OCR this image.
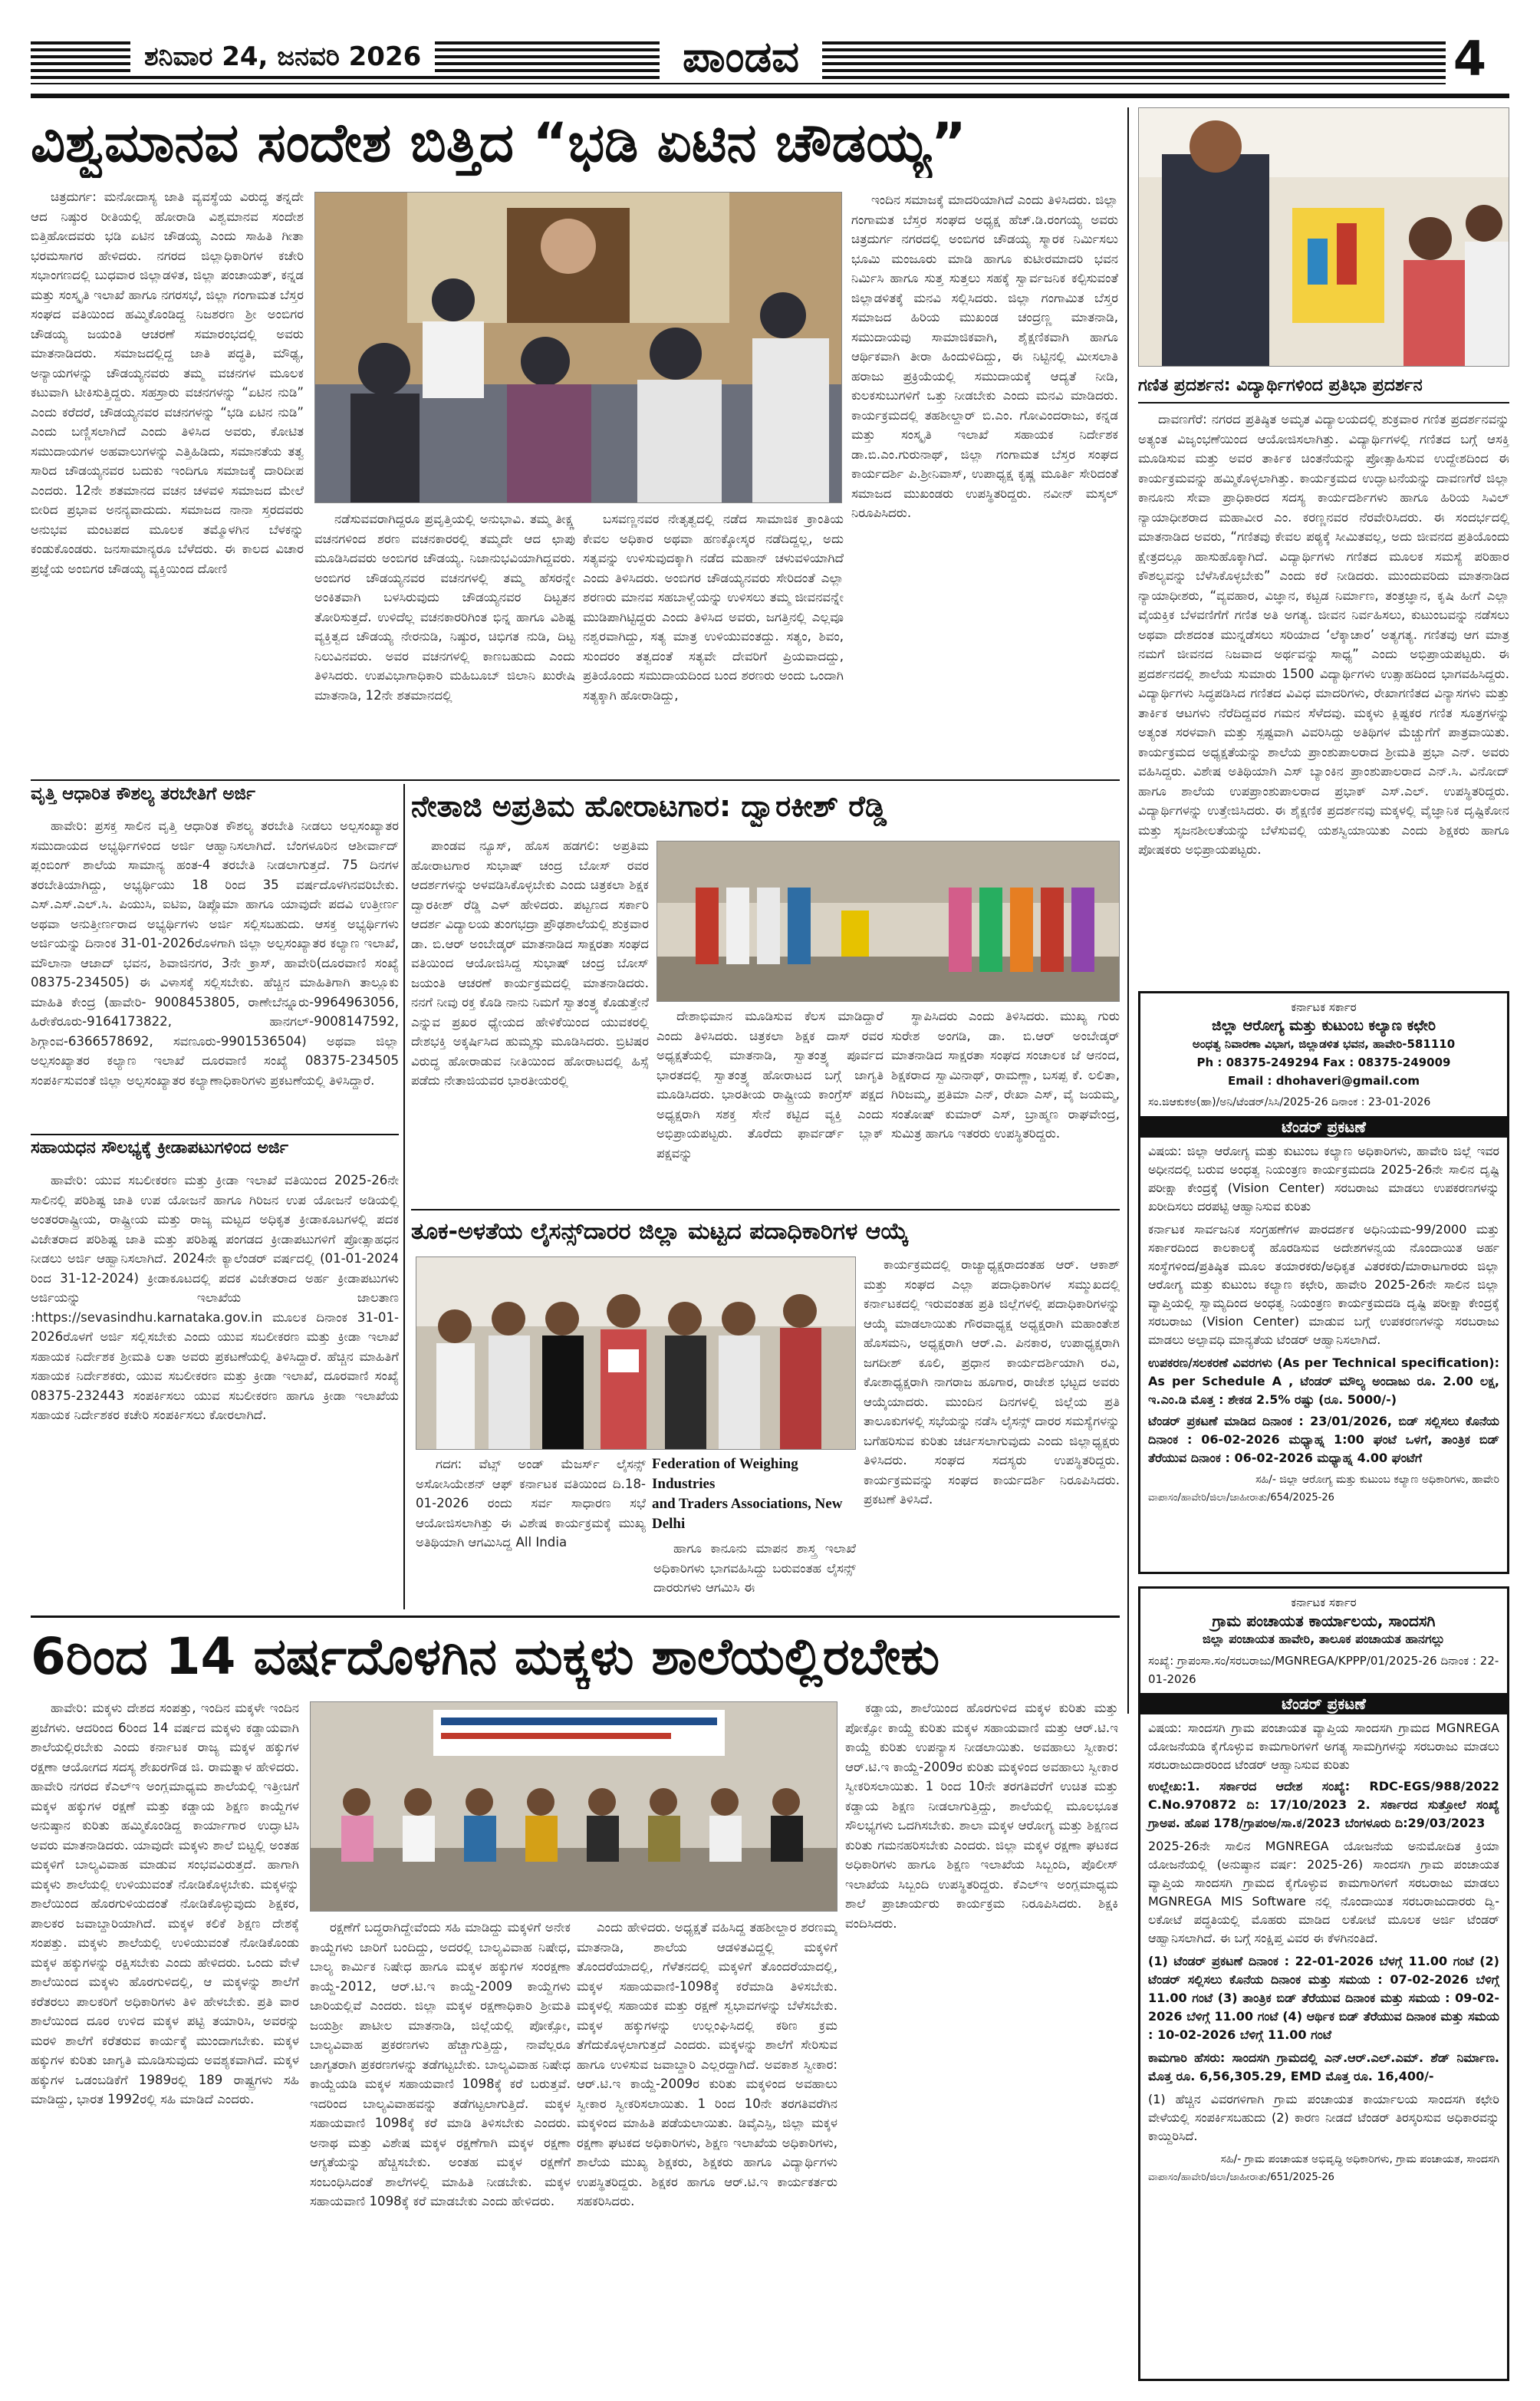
ಶನಿವಾರ 24, ಜನವರಿ 2026	ಪಾಂಡವ	4
ವಿಶ್ವಮಾನವ ಸಂದೇಶ ಬಿತ್ತಿದ “ಭಡಿ ಏಟಿನ ಚೌಡಯ್ಯ”

ಚಿತ್ರದುರ್ಗ: ಮನೋದಾಸ್ಯ ಜಾತಿ ವ್ಯವಸ್ಥೆಯ ವಿರುದ್ಧ ತನ್ನದೇ ಆದ ನಿಷ್ಠುರ ರೀತಿಯಲ್ಲಿ ಹೋರಾಡಿ ವಿಶ್ವಮಾನವ ಸಂದೇಶ ಬಿತ್ತಿಹೋದವರು ಭಡಿ ಏಟಿನ ಚೌಡಯ್ಯ ಎಂದು ಸಾಹಿತಿ ಗೀತಾ ಭರಮಸಾಗರ ಹೇಳಿದರು. ನಗರದ ಜಿಲ್ಲಾಧಿಕಾರಿಗಳ ಕಚೇರಿ ಸಭಾಂಗಣದಲ್ಲಿ ಬುಧವಾರ ಜಿಲ್ಲಾಡಳಿತ, ಜಿಲ್ಲಾ ಪಂಚಾಯತ್, ಕನ್ನಡ ಮತ್ತು ಸಂಸ್ಕೃತಿ ಇಲಾಖೆ ಹಾಗೂ ನಗರಸಭೆ, ಜಿಲ್ಲಾ ಗಂಗಾಮತ ಬೆಸ್ತರ ಸಂಘದ ವತಿಯಿಂದ ಹಮ್ಮಿಕೊಂಡಿದ್ದ ನಿಜಶರಣ ಶ್ರೀ ಅಂಬಿಗರ ಚೌಡಯ್ಯ ಜಯಂತಿ ಆಚರಣೆ ಸಮಾರಂಭದಲ್ಲಿ ಅವರು ಮಾತನಾಡಿದರು. ಸಮಾಜದಲ್ಲಿದ್ದ ಜಾತಿ ಪದ್ಧತಿ, ಮೌಢ್ಯ, ಅನ್ಯಾಯಗಳನ್ನು ಚೌಡಯ್ಯನವರು ತಮ್ಮ ವಚನಗಳ ಮೂಲಕ ಕಟುವಾಗಿ ಟೀಕಿಸುತ್ತಿದ್ದರು. ಸಹಸ್ರಾರು ವಚನಗಳನ್ನು “ಏಟಿನ ನುಡಿ” ಎಂದು ಕರೆದರೆ, ಚೌಡಯ್ಯನವರ ವಚನಗಳನ್ನು “ಭಡಿ ಏಟಿನ ನುಡಿ” ಎಂದು ಬಣ್ಣಿಸಲಾಗಿದೆ ಎಂದು ತಿಳಿಸಿದ ಅವರು, ಕೋಟಿತ ಸಮುದಾಯಗಳ ಅಹವಾಲುಗಳನ್ನು ಎತ್ತಿಹಿಡಿದು, ಸಮಾನತೆಯ ತತ್ವ ಸಾರಿದ ಚೌಡಯ್ಯನವರ ಬದುಕು ಇಂದಿಗೂ ಸಮಾಜಕ್ಕೆ ದಾರಿದೀಪ ಎಂದರು. 12ನೇ ಶತಮಾನದ ವಚನ ಚಳವಳಿ ಸಮಾಜದ ಮೇಲೆ ಬೀರಿದ ಪ್ರಭಾವ ಅನನ್ಯವಾದುದು. ಸಮಾಜದ ನಾನಾ ಸ್ತರದವರು ಅನುಭವ ಮಂಟಪದ ಮೂಲಕ ತಮ್ಮೊಳಗಿನ ಬೆಳಕನ್ನು ಕಂಡುಕೊಂಡರು. ಜನಸಾಮಾನ್ಯರೂ ಬೆಳೆದರು. ಈ ಕಾಲದ ವಿಚಾರ ಪ್ರಜ್ಞೆಯ ಅಂಬಿಗರ ಚೌಡಯ್ಯ ವ್ಯಕ್ತಿಯಿಂದ ದೋಣಿ

ನಡೆಸುವವರಾಗಿದ್ದರೂ ಪ್ರವೃತ್ತಿಯಲ್ಲಿ ಅನುಭಾವಿ. ತಮ್ಮ ತೀಕ್ಷ್ಣ ವಚನಗಳಿಂದ ಶರಣ ವಚನಕಾರರಲ್ಲಿ ತಮ್ಮದೇ ಆದ ಛಾಪು ಮೂಡಿಸಿದವರು ಅಂಬಿಗರ ಚೌಡಯ್ಯ. ನಿಜಾನುಭವಿಯಾಗಿದ್ದವರು. ಅಂಬಿಗರ ಚೌಡಯ್ಯನವರ ವಚನಗಳಲ್ಲಿ ತಮ್ಮ ಹೆಸರನ್ನೇ ಅಂಕಿತವಾಗಿ ಬಳಸಿರುವುದು ಚೌಡಯ್ಯನವರ ದಿಟ್ಟತನ ತೋರಿಸುತ್ತದೆ. ಉಳಿದೆಲ್ಲ ವಚನಕಾರರಿಗಿಂತ ಭಿನ್ನ ಹಾಗೂ ವಿಶಿಷ್ಟ ವ್ಯಕ್ತಿತ್ವದ ಚೌಡಯ್ಯ ನೇರನುಡಿ, ನಿಷ್ಠುರ, ಚಿಭಿಗತ ನುಡಿ, ದಿಟ್ಟ ನಿಲುವಿನವರು. ಅವರ ವಚನಗಳಲ್ಲಿ ಕಾಣಬಹುದು ಎಂದು ತಿಳಿಸಿದರು. ಉಪವಿಭಾಗಾಧಿಕಾರಿ ಮಹಿಬೂಬ್ ಜಿಲಾನಿ ಖುರೇಷಿ ಮಾತನಾಡಿ, 12ನೇ ಶತಮಾನದಲ್ಲಿ

ಬಸವಣ್ಣನವರ ನೇತೃತ್ವದಲ್ಲಿ ನಡೆದ ಸಾಮಾಜಿಕ ಕ್ರಾಂತಿಯ ಕೇವಲ ಅಧಿಕಾರ ಅಥವಾ ಹಣಕ್ಕೋಸ್ಕರ ನಡೆದಿದ್ದಲ್ಲ, ಅದು ಸತ್ಯವನ್ನು ಉಳಿಸುವುದಕ್ಕಾಗಿ ನಡೆದ ಮಹಾನ್ ಚಳುವಳಿಯಾಗಿದೆ ಎಂದು ತಿಳಿಸಿದರು. ಅಂಬಿಗರ ಚೌಡಯ್ಯನವರು ಸೇರಿದಂತೆ ಎಲ್ಲಾ ಶರಣರು ಮಾನವ ಸಹಬಾಳ್ವೆಯನ್ನು ಉಳಿಸಲು ತಮ್ಮ ಜೀವನವನ್ನೇ ಮುಡಿಪಾಗಿಟ್ಟಿದ್ದರು ಎಂದು ತಿಳಿಸಿದ ಅವರು, ಜಗತ್ತಿನಲ್ಲಿ ಎಲ್ಲವೂ ನಶ್ವರವಾಗಿದ್ದು, ಸತ್ಯ ಮಾತ್ರ ಉಳಿಯುವಂತದ್ದು. ಸತ್ಯಂ, ಶಿವಂ, ಸುಂದರಂ ತತ್ವದಂತೆ ಸತ್ಯವೇ ದೇವರಿಗೆ ಪ್ರಿಯವಾದದ್ದು, ಪ್ರತಿಯೊಂದು ಸಮುದಾಯದಿಂದ ಬಂದ ಶರಣರು ಅಂದು ಒಂದಾಗಿ ಸತ್ಯಕ್ಕಾಗಿ ಹೋರಾಡಿದ್ದು,

ಇಂದಿನ ಸಮಾಜಕ್ಕೆ ಮಾದರಿಯಾಗಿದೆ ಎಂದು ತಿಳಿಸಿದರು. ಜಿಲ್ಲಾ ಗಂಗಾಮತ ಬೆಸ್ತರ ಸಂಘದ ಅಧ್ಯಕ್ಷ ಹೆಚ್.ಡಿ.ರಂಗಯ್ಯ ಅವರು ಚಿತ್ರದುರ್ಗ ನಗರದಲ್ಲಿ ಅಂಬಿಗರ ಚೌಡಯ್ಯ ಸ್ಮಾರಕ ನಿರ್ಮಿಸಲು ಭೂಮಿ ಮಂಜೂರು ಮಾಡಿ ಹಾಗೂ ಕುಟೀರಮಾದರಿ ಭವನ ನಿರ್ಮಿಸಿ ಹಾಗೂ ಸುತ್ತ ಸುತ್ತಲು ಸಹಕ್ಕೆ ಸ್ವಾರ್ವಜನಿಕ ಕಲ್ಪಿಸುವಂತೆ ಜಿಲ್ಲಾಡಳಿತಕ್ಕೆ ಮನವಿ ಸಲ್ಲಿಸಿದರು. ಜಿಲ್ಲಾ ಗಂಗಾಮಿತ ಬೆಸ್ತರ ಸಮಾಜದ ಹಿರಿಯ ಮುಖಂಡ ಚಂದ್ರಣ್ಣ ಮಾತನಾಡಿ, ಸಮುದಾಯವು ಸಾಮಾಜಿಕವಾಗಿ, ಶೈಕ್ಷಣಿಕವಾಗಿ ಹಾಗೂ ಆರ್ಥಿಕವಾಗಿ ತೀರಾ ಹಿಂದುಳಿದಿದ್ದು, ಈ ನಿಟ್ಟಿನಲ್ಲಿ ಮೀಸಲಾತಿ ಹರಾಜು ಪ್ರಕ್ರಿಯೆಯಲ್ಲಿ ಸಮುದಾಯಕ್ಕೆ ಆದ್ಯತೆ ನೀಡಿ, ಕುಲಕಸುಬುಗಳಿಗೆ ಒತ್ತು ನೀಡಬೇಕು ಎಂದು ಮನವಿ ಮಾಡಿದರು. ಕಾರ್ಯಕ್ರಮದಲ್ಲಿ ತಹಶೀಲ್ದಾರ್ ಬಿ.ಎಂ. ಗೋವಿಂದರಾಜು, ಕನ್ನಡ ಮತ್ತು ಸಂಸ್ಕೃತಿ ಇಲಾಖೆ ಸಹಾಯಕ ನಿರ್ದೇಶಕ ಡಾ.ಬಿ.ಎಂ.ಗುರುನಾಥ್, ಜಿಲ್ಲಾ ಗಂಗಾಮತ ಬೆಸ್ತರ ಸಂಘದ ಕಾರ್ಯದರ್ಶಿ ಪಿ.ಶ್ರೀನಿವಾಸ್, ಉಪಾಧ್ಯಕ್ಷ ಕೃಷ್ಣ ಮೂರ್ತಿ ಸೇರಿದಂತೆ ಸಮಾಜದ ಮುಖಂಡರು ಉಪಸ್ಥಿತರಿದ್ದರು. ನವೀನ್ ಮಸ್ಕಲ್ ನಿರೂಪಿಸಿದರು.

ಗಣಿತ ಪ್ರದರ್ಶನ: ವಿದ್ಯಾರ್ಥಿಗಳಿಂದ ಪ್ರತಿಭಾ ಪ್ರದರ್ಶನ

ದಾವಣಗೆರೆ: ನಗರದ ಪ್ರತಿಷ್ಠಿತ ಅಮೃತ ವಿದ್ಯಾಲಯದಲ್ಲಿ ಶುಕ್ರವಾರ ಗಣಿತ ಪ್ರದರ್ಶನವನ್ನು ಅತ್ಯಂತ ವಿಜೃಂಭಣೆಯಿಂದ ಆಯೋಜಿಸಲಾಗಿತ್ತು. ವಿದ್ಯಾರ್ಥಿಗಳಲ್ಲಿ ಗಣಿತದ ಬಗ್ಗೆ ಆಸಕ್ತಿ ಮೂಡಿಸುವ ಮತ್ತು ಅವರ ತಾರ್ಕಿಕ ಚಿಂತನೆಯನ್ನು ಪ್ರೋತ್ಸಾಹಿಸುವ ಉದ್ದೇಶದಿಂದ ಈ ಕಾರ್ಯಕ್ರಮವನ್ನು ಹಮ್ಮಿಕೊಳ್ಳಲಾಗಿತ್ತು. ಕಾರ್ಯಕ್ರಮದ ಉದ್ಘಾಟನೆಯನ್ನು ದಾವಣಗೆರೆ ಜಿಲ್ಲಾ ಕಾನೂನು ಸೇವಾ ಪ್ರಾಧಿಕಾರದ ಸದಸ್ಯ ಕಾರ್ಯದರ್ಶಿಗಳು ಹಾಗೂ ಹಿರಿಯ ಸಿವಿಲ್ ನ್ಯಾಯಾಧೀಶರಾದ ಮಹಾವೀರ ಎಂ. ಕರಣ್ಣನವರ ನೆರವೇರಿಸಿದರು. ಈ ಸಂದರ್ಭದಲ್ಲಿ ಮಾತನಾಡಿದ ಅವರು, “ಗಣಿತವು ಕೇವಲ ಪಠ್ಯಕ್ಕೆ ಸೀಮಿತವಲ್ಲ, ಅದು ಜೀವನದ ಪ್ರತಿಯೊಂದು ಕ್ಷೇತ್ರದಲ್ಲೂ ಹಾಸುಹೊಕ್ಕಾಗಿದೆ. ವಿದ್ಯಾರ್ಥಿಗಳು ಗಣಿತದ ಮೂಲಕ ಸಮಸ್ಯೆ ಪರಿಹಾರ ಕೌಶಲ್ಯವನ್ನು ಬೆಳೆಸಿಕೊಳ್ಳಬೇಕು” ಎಂದು ಕರೆ ನೀಡಿದರು. ಮುಂದುವರಿದು ಮಾತನಾಡಿದ ನ್ಯಾಯಾಧೀಶರು, “ವ್ಯವಹಾರ, ವಿಜ್ಞಾನ, ಕಟ್ಟಡ ನಿರ್ಮಾಣ, ತಂತ್ರಜ್ಞಾನ, ಕೃಷಿ ಹೀಗೆ ಎಲ್ಲಾ ವೈಯಕ್ತಿಕ ಬೆಳವಣಿಗೆಗೆ ಗಣಿತ ಅತಿ ಅಗತ್ಯ. ಜೀವನ ನಿರ್ವಹಿಸಲು, ಕುಟುಂಬವನ್ನು ನಡೆಸಲು ಅಥವಾ ದೇಶದಂತ ಮುನ್ನಡೆಸಲು ಸರಿಯಾದ ‘ಲೆಕ್ಕಾಚಾರ’ ಅತ್ಯಗತ್ಯ. ಗಣಿತವು ಆಗ ಮಾತ್ರ ನಮಗೆ ಜೀವನದ ನಿಜವಾದ ಅರ್ಥವನ್ನು ಸಾಧ್ಯ” ಎಂದು ಅಭಿಪ್ರಾಯಪಟ್ಟರು. ಈ ಪ್ರದರ್ಶನದಲ್ಲಿ ಶಾಲೆಯ ಸುಮಾರು 1500 ವಿದ್ಯಾರ್ಥಿಗಳು ಉತ್ಸಾಹದಿಂದ ಭಾಗವಹಿಸಿದ್ದರು. ವಿದ್ಯಾರ್ಥಿಗಳು ಸಿದ್ಧಪಡಿಸಿದ ಗಣಿತದ ವಿವಿಧ ಮಾದರಿಗಳು, ರೇಖಾಗಣಿತದ ವಿನ್ಯಾಸಗಳು ಮತ್ತು ತಾರ್ಕಿಕ ಆಟಗಳು ನೆರೆದಿದ್ದವರ ಗಮನ ಸೆಳೆದವು. ಮಕ್ಕಳು ಕ್ಲಿಷ್ಟಕರ ಗಣಿತ ಸೂತ್ರಗಳನ್ನು ಅತ್ಯಂತ ಸರಳವಾಗಿ ಮತ್ತು ಸ್ಪಷ್ಟವಾಗಿ ವಿವರಿಸಿದ್ದು ಅತಿಥಿಗಳ ಮೆಚ್ಚುಗೆಗೆ ಪಾತ್ರವಾಯಿತು. ಕಾರ್ಯಕ್ರಮದ ಅಧ್ಯಕ್ಷತೆಯನ್ನು ಶಾಲೆಯ ಪ್ರಾಂಶುಪಾಲರಾದ ಶ್ರೀಮತಿ ಪ್ರಭಾ ಎನ್. ಅವರು ವಹಿಸಿದ್ದರು. ವಿಶೇಷ ಅತಿಥಿಯಾಗಿ ಎಸ್ ಬ್ಯಾಂಕಿನ ಪ್ರಾಂಶುಪಾಲರಾದ ಎನ್.ಸಿ. ವಿನೋದ್ ಹಾಗೂ ಶಾಲೆಯ ಉಪಪ್ರಾಂಶುಪಾಲರಾದ ಪ್ರಭಾಕ್ ಎಸ್.ಎಲ್. ಉಪಸ್ಥಿತರಿದ್ದರು. ವಿದ್ಯಾರ್ಥಿಗಳನ್ನು ಉತ್ತೇಜಿಸಿದರು. ಈ ಶೈಕ್ಷಣಿಕ ಪ್ರದರ್ಶನವು ಮಕ್ಕಳಲ್ಲಿ ವೈಜ್ಞಾನಿಕ ದೃಷ್ಟಿಕೋನ ಮತ್ತು ಸೃಜನಶೀಲತೆಯನ್ನು ಬೆಳೆಸುವಲ್ಲಿ ಯಶಸ್ವಿಯಾಯಿತು ಎಂದು ಶಿಕ್ಷಕರು ಹಾಗೂ ಪೋಷಕರು ಅಭಿಪ್ರಾಯಪಟ್ಟರು.

ವೃತ್ತಿ ಆಧಾರಿತ ಕೌಶಲ್ಯ ತರಬೇತಿಗೆ ಅರ್ಜಿ

ಹಾವೇರಿ: ಪ್ರಸಕ್ತ ಸಾಲಿನ ವೃತ್ತಿ ಆಧಾರಿತ ಕೌಶಲ್ಯ ತರಬೇತಿ ನೀಡಲು ಅಲ್ಪಸಂಖ್ಯಾತರ ಸಮುದಾಯದ ಅಭ್ಯರ್ಥಿಗಳಿಂದ ಅರ್ಜಿ ಆಹ್ವಾನಿಸಲಾಗಿದೆ. ಬೆಂಗಳೂರಿನ ಆಶೀರ್ವಾದ್ ಪ್ಲಂಬಿಂಗ್ ಶಾಲೆಯ ಸಾಮಾನ್ಯ ಹಂತ-4 ತರಬೇತಿ ನೀಡಲಾಗುತ್ತದೆ. 75 ದಿನಗಳ ತರಬೇತಿಯಾಗಿದ್ದು, ಅಭ್ಯರ್ಥಿಯು 18 ರಿಂದ 35 ವರ್ಷದೊಳಗಿನವರಿಬೇಕು. ಎಸ್.ಎಸ್.ಎಲ್.ಸಿ. ಪಿಯುಸಿ, ಐಟಿಐ, ಡಿಪ್ಲೊಮಾ ಹಾಗೂ ಯಾವುದೇ ಪದವಿ ಉತ್ತೀರ್ಣ ಅಥವಾ ಅನುತ್ತೀರ್ಣರಾದ ಅಭ್ಯರ್ಥಿಗಳು ಅರ್ಜಿ ಸಲ್ಲಿಸಬಹುದು. ಆಸಕ್ತ ಅಭ್ಯರ್ಥಿಗಳು ಅರ್ಜಿಯನ್ನು ದಿನಾಂಕ 31-01-2026ರೊಳಗಾಗಿ ಜಿಲ್ಲಾ ಅಲ್ಪಸಂಖ್ಯಾತರ ಕಲ್ಯಾಣ ಇಲಾಖೆ, ಮೌಲಾನಾ ಆಜಾದ್ ಭವನ, ಶಿವಾಜಿನಗರ, 3ನೇ ಕ್ರಾಸ್, ಹಾವೇರಿ(ದೂರವಾಣಿ ಸಂಖ್ಯೆ 08375-234505) ಈ ವಿಳಾಸಕ್ಕೆ ಸಲ್ಲಿಸಬೇಕು. ಹೆಚ್ಚಿನ ಮಾಹಿತಿಗಾಗಿ ತಾಲ್ಲೂಕು ಮಾಹಿತಿ ಕೇಂದ್ರ (ಹಾವೇರಿ- 9008453805, ರಾಣೇಬೆನ್ನೂರು-9964963056, ಹಿರೇಕೆರೂರು-9164173822, ಹಾನಗಲ್-9008147592, ಶಿಗ್ಗಾಂವ-6366578692, ಸವಣೂರು-9901536504) ಅಥವಾ ಜಿಲ್ಲಾ ಅಲ್ಪಸಂಖ್ಯಾತರ ಕಲ್ಯಾಣ ಇಲಾಖೆ ದೂರವಾಣಿ ಸಂಖ್ಯೆ 08375-234505 ಸಂಪರ್ಕಿಸುವಂತೆ ಜಿಲ್ಲಾ ಅಲ್ಪಸಂಖ್ಯಾತರ ಕಲ್ಯಾಣಾಧಿಕಾರಿಗಳು ಪ್ರಕಟಣೆಯಲ್ಲಿ ತಿಳಿಸಿದ್ದಾರೆ.

ಸಹಾಯಧನ ಸೌಲಭ್ಯಕ್ಕೆ ಕ್ರೀಡಾಪಟುಗಳಿಂದ ಅರ್ಜಿ

ಹಾವೇರಿ: ಯುವ ಸಬಲೀಕರಣ ಮತ್ತು ಕ್ರೀಡಾ ಇಲಾಖೆ ವತಿಯಿಂದ 2025-26ನೇ ಸಾಲಿನಲ್ಲಿ ಪರಿಶಿಷ್ಟ ಜಾತಿ ಉಪ ಯೋಜನೆ ಹಾಗೂ ಗಿರಿಜನ ಉಪ ಯೋಜನೆ ಅಡಿಯಲ್ಲಿ ಅಂತರರಾಷ್ಟ್ರೀಯ, ರಾಷ್ಟ್ರೀಯ ಮತ್ತು ರಾಜ್ಯ ಮಟ್ಟದ ಅಧಿಕೃತ ಕ್ರೀಡಾಕೂಟಗಳಲ್ಲಿ ಪದಕ ವಿಜೇತರಾದ ಪರಿಶಿಷ್ಟ ಜಾತಿ ಮತ್ತು ಪರಿಶಿಷ್ಟ ಪಂಗಡದ ಕ್ರೀಡಾಪಟುಗಳಿಗೆ ಪ್ರೋತ್ಸಾಹಧನ ನೀಡಲು ಅರ್ಜಿ ಆಹ್ವಾನಿಸಲಾಗಿದೆ. 2024ನೇ ಕ್ಯಾಲೆಂಡರ್ ವರ್ಷದಲ್ಲಿ (01-01-2024 ರಿಂದ 31-12-2024) ಕ್ರೀಡಾಕೂಟದಲ್ಲಿ ಪದಕ ವಿಜೇತರಾದ ಅರ್ಹ ಕ್ರೀಡಾಪಟುಗಳು ಅರ್ಜಿಯನ್ನು ಇಲಾಖೆಯ ಜಾಲತಾಣ :https://sevasindhu.karnataka.gov.in ಮೂಲಕ ದಿನಾಂಕ 31-01-2026ರೊಳಗೆ ಅರ್ಜಿ ಸಲ್ಲಿಸಬೇಕು ಎಂದು ಯುವ ಸಬಲೀಕರಣ ಮತ್ತು ಕ್ರೀಡಾ ಇಲಾಖೆ ಸಹಾಯಕ ನಿರ್ದೇಶಕ ಶ್ರೀಮತಿ ಲತಾ ಅವರು ಪ್ರಕಟಣೆಯಲ್ಲಿ ತಿಳಿಸಿದ್ದಾರೆ. ಹೆಚ್ಚಿನ ಮಾಹಿತಿಗೆ ಸಹಾಯಕ ನಿರ್ದೇಶಕರು, ಯುವ ಸಬಲೀಕರಣ ಮತ್ತು ಕ್ರೀಡಾ ಇಲಾಖೆ, ದೂರವಾಣಿ ಸಂಖ್ಯೆ 08375-232443 ಸಂಪರ್ಕಿಸಲು ಯುವ ಸಬಲೀಕರಣ ಹಾಗೂ ಕ್ರೀಡಾ ಇಲಾಖೆಯ ಸಹಾಯಕ ನಿರ್ದೇಶಕರ ಕಚೇರಿ ಸಂಪರ್ಕಿಸಲು ಕೋರಲಾಗಿದೆ.

ನೇತಾಜಿ ಅಪ್ರತಿಮ ಹೋರಾಟಗಾರ: ದ್ವಾರಕೀಶ್ ರೆಡ್ಡಿ

ಪಾಂಡವ ನ್ಯೂಸ್, ಹೊಸ ಹಡಗಲಿ: ಅಪ್ರತಿಮ ಹೋರಾಟಗಾರ ಸುಭಾಷ್ ಚಂದ್ರ ಬೋಸ್ ರವರ ಆದರ್ಶಗಳನ್ನು ಅಳವಡಿಸಿಕೊಳ್ಳಬೇಕು ಎಂದು ಚಿತ್ರಕಲಾ ಶಿಕ್ಷಕ ದ್ವಾರಕೀಶ್ ರೆಡ್ಡಿ ಎಳ್ ಹೇಳಿದರು. ಪಟ್ಟಣದ ಸರ್ಕಾರಿ ಆದರ್ಶ ವಿದ್ಯಾಲಯ ತುಂಗಭದ್ರಾ ಪ್ರೌಢಶಾಲೆಯಲ್ಲಿ ಶುಕ್ರವಾರ ಡಾ. ಬಿ.ಆರ್ ಅಂಬೇಡ್ಕರ್ ಮಾತನಾಡಿದ ಸಾಕ್ಷರತಾ ಸಂಘದ ವತಿಯಿಂದ ಆಯೋಜಿಸಿದ್ದ ಸುಭಾಷ್ ಚಂದ್ರ ಬೋಸ್ ಜಯಂತಿ ಆಚರಣೆ ಕಾರ್ಯಕ್ರಮದಲ್ಲಿ ಮಾತನಾಡಿದರು. ನನಗೆ ನೀವು ರಕ್ತ ಕೊಡಿ ನಾನು ನಿಮಗೆ ಸ್ವಾತಂತ್ರ್ಯ ಕೊಡುತ್ತೇನೆ ಎನ್ನುವ ಪ್ರಖರ ಧ್ಯೇಯದ ಹೇಳಿಕೆಯಿಂದ ಯುವಕರಲ್ಲಿ ದೇಶಭಕ್ತಿ ಅಕ್ಕರ್ಷಿಸಿದ ಹುಮ್ಮಸ್ಸು ಮೂಡಿಸಿದರು. ಬ್ರಿಟಿಷರ ವಿರುದ್ಧ ಹೋರಾಡುವ ನೀತಿಯಿಂದ ಹೋರಾಟದಲ್ಲಿ ಹಿಸ್ಸೆ ಪಡೆದು ನೇತಾಜಿಯವರ ಭಾರತೀಯರಲ್ಲಿ

ದೇಶಾಭಿಮಾನ ಮೂಡಿಸುವ ಕೆಲಸ ಮಾಡಿದ್ದಾರೆ ಎಂದು ತಿಳಿಸಿದರು. ಚಿತ್ರಕಲಾ ಶಿಕ್ಷಕ ದಾಸ್ ರವರ ಅಧ್ಯಕ್ಷತೆಯಲ್ಲಿ ಮಾತನಾಡಿ, ಸ್ವಾತಂತ್ರ್ಯ ಪೂರ್ವದ ಭಾರತದಲ್ಲಿ ಸ್ವಾತಂತ್ರ್ಯ ಹೋರಾಟದ ಬಗ್ಗೆ ಜಾಗೃತಿ ಮೂಡಿಸಿದರು. ಭಾರತೀಯ ರಾಷ್ಟ್ರೀಯ ಕಾಂಗ್ರೆಸ್ ಪಕ್ಷದ ಅಧ್ಯಕ್ಷರಾಗಿ ಸಶಕ್ತ ಸೇನೆ ಕಟ್ಟಿದ ವ್ಯಕ್ತಿ ಎಂದು ಅಭಿಪ್ರಾಯಪಟ್ಟರು. ತೊರೆದು ಫಾರ್ವರ್ಡ್ ಬ್ಲಾಕ್ ಪಕ್ಷವನ್ನು

ಸ್ಥಾಪಿಸಿದರು ಎಂದು ತಿಳಿಸಿದರು. ಮುಖ್ಯ ಗುರು ಸುರೇಶ ಅಂಗಡಿ, ಡಾ. ಬಿ.ಆರ್ ಅಂಬೇಡ್ಕರ್ ಮಾತನಾಡಿದ ಸಾಕ್ಷರತಾ ಸಂಘದ ಸಂಚಾಲಕ ಜೆ ಆನಂದ, ಶಿಕ್ಷಕರಾದ ಸ್ವಾಮಿನಾಥ್, ರಾಮಣ್ಣಾ, ಬಸಪ್ಪ ಕೆ. ಲಲಿತಾ, ಗಿರಿಜಮ್ಮ, ಪ್ರತಿಮಾ ಎನ್, ರೇಖಾ ಎಸ್, ವೈ ಜಯಮ್ಮ, ಸಂತೋಷ್ ಕುಮಾರ್ ಎಸ್, ಬ್ರಾಹ್ಮಣ ರಾಘವೇಂದ್ರ, ಸುಮಿತ್ರ ಹಾಗೂ ಇತರರು ಉಪಸ್ಥಿತರಿದ್ದರು.

ತೂಕ-ಅಳತೆಯ ಲೈಸನ್ಸ್‌ದಾರರ ಜಿಲ್ಲಾ ಮಟ್ಟದ ಪದಾಧಿಕಾರಿಗಳ ಆಯ್ಕೆ
Federation of Weighing Industries
and Traders Associations, New
Delhi

ಗದಗ: ವೆಟ್ಸ್ ಅಂಡ್ ಮೆಜರ್ಸ್ ಲೈಸನ್ಸ್ ಅಸೋಸಿಯೇಶನ್ ಆಫ್ ಕರ್ನಾಟಕ ವತಿಯಿಂದ ದಿ.18-01-2026 ರಂದು ಸರ್ವ ಸಾಧಾರಣ ಸಭೆ ಆಯೋಜಿಸಲಾಗಿತ್ತು ಈ ವಿಶೇಷ ಕಾರ್ಯಕ್ರಮಕ್ಕೆ ಮುಖ್ಯ ಅತಿಥಿಯಾಗಿ ಆಗಮಿಸಿದ್ದ All India	ಹಾಗೂ ಕಾನೂನು ಮಾಪನ ಶಾಸ್ತ್ರ ಇಲಾಖೆ ಅಧಿಕಾರಿಗಳು ಭಾಗವಹಿಸಿದ್ದು ಬರುವಂತಹ ಲೈಸನ್ಸ್ ದಾರರುಗಳು ಆಗಮಿಸಿ ಈ

ಕಾರ್ಯಕ್ರಮದಲ್ಲಿ ರಾಜ್ಯಾಧ್ಯಕ್ಷರಾದಂತಹ ಆರ್. ಆಕಾಶ್ ಮತ್ತು ಸಂಘದ ಎಲ್ಲಾ ಪದಾಧಿಕಾರಿಗಳ ಸಮ್ಮುಖದಲ್ಲಿ ಕರ್ನಾಟಕದಲ್ಲಿ ಇರುವಂತಹ ಪ್ರತಿ ಜಿಲ್ಲೆಗಳಲ್ಲಿ ಪದಾಧಿಕಾರಿಗಳನ್ನು ಆಯ್ಕೆ ಮಾಡಲಾಯಿತು ಗೌರವಾಧ್ಯಕ್ಷ ಅಧ್ಯಕ್ಷರಾಗಿ ಮಹಾಂತೇಶ ಹೊಸಮನಿ, ಅಧ್ಯಕ್ಷರಾಗಿ ಆರ್.ಎ. ಪಿನಕಾರ, ಉಪಾಧ್ಯಕ್ಷರಾಗಿ ಜಗದೀಶ್ ಕೂಲಿ, ಪ್ರಧಾನ ಕಾರ್ಯದರ್ಶಿಯಾಗಿ ರವಿ, ಕೋಶಾಧ್ಯಕ್ಷರಾಗಿ ನಾಗರಾಜ ಹೂಗಾರ, ರಾಜೇಶ ಭಟ್ಟದ ಅವರು ಆಯ್ಕೆಯಾದರು. ಮುಂದಿನ ದಿನಗಳಲ್ಲಿ ಜಿಲ್ಲೆಯ ಪ್ರತಿ ತಾಲೂಕುಗಳಲ್ಲಿ ಸಭೆಯನ್ನು ನಡೆಸಿ ಲೈಸನ್ಸ್ ದಾರರ ಸಮಸ್ಯೆಗಳನ್ನು ಬಗೆಹರಿಸುವ ಕುರಿತು ಚರ್ಚಿಸಲಾಗುವುದು ಎಂದು ಜಿಲ್ಲಾಧ್ಯಕ್ಷರು ತಿಳಿಸಿದರು. ಸಂಘದ ಸದಸ್ಯರು ಉಪಸ್ಥಿತರಿದ್ದರು. ಕಾರ್ಯಕ್ರಮವನ್ನು ಸಂಘದ ಕಾರ್ಯದರ್ಶಿ ನಿರೂಪಿಸಿದರು. ಪ್ರಕಟಣೆ ತಿಳಿಸಿದೆ.

6ರಿಂದ 14 ವರ್ಷದೊಳಗಿನ ಮಕ್ಕಳು ಶಾಲೆಯಲ್ಲಿರಬೇಕು

ಹಾವೇರಿ: ಮಕ್ಕಳು ದೇಶದ ಸಂಪತ್ತು, ಇಂದಿನ ಮಕ್ಕಳೇ ಇಂದಿನ ಪ್ರಜೆಗಳು. ಆದರಿಂದ 6ರಿಂದ 14 ವರ್ಷದ ಮಕ್ಕಳು ಕಡ್ಡಾಯವಾಗಿ ಶಾಲೆಯಲ್ಲಿರಬೇಕು ಎಂದು ಕರ್ನಾಟಕ ರಾಜ್ಯ ಮಕ್ಕಳ ಹಕ್ಕುಗಳ ರಕ್ಷಣಾ ಆಯೋಗದ ಸದಸ್ಯ ಶೇಖರಗೌಡ ಜಿ. ರಾಮತ್ನಾಳ ಹೇಳಿದರು. ಹಾವೇರಿ ನಗರದ ಕೆಎಲ್ಇ ಅಂಗ್ಲಮಾಧ್ಯಮ ಶಾಲೆಯಲ್ಲಿ ಇತ್ತೀಚಿಗೆ ಮಕ್ಕಳ ಹಕ್ಕುಗಳ ರಕ್ಷಣೆ ಮತ್ತು ಕಡ್ಡಾಯ ಶಿಕ್ಷಣ ಕಾಯ್ದೆಗಳ ಅನುಷ್ಠಾನ ಕುರಿತು ಹಮ್ಮಿಕೊಂಡಿದ್ದ ಕಾರ್ಯಾಗಾರ ಉದ್ಘಾಟಿಸಿ ಅವರು ಮಾತನಾಡಿದರು. ಯಾವುದೇ ಮಕ್ಕಳು ಶಾಲೆ ಬಿಟ್ಟಲ್ಲಿ ಅಂತಹ ಮಕ್ಕಳಿಗೆ ಬಾಲ್ಯವಿವಾಹ ಮಾಡುವ ಸಂಭವವಿರುತ್ತದೆ. ಹಾಗಾಗಿ ಮಕ್ಕಳು ಶಾಲೆಯಲ್ಲಿ ಉಳಿಯುವಂತೆ ನೋಡಿಕೊಳ್ಳಬೇಕು. ಮಕ್ಕಳನ್ನು ಶಾಲೆಯಿಂದ ಹೊರಗುಳಿಯದಂತೆ ನೋಡಿಕೊಳ್ಳುವುದು ಶಿಕ್ಷಕರ, ಪಾಲಕರ ಜವಾಬ್ದಾರಿಯಾಗಿದೆ. ಮಕ್ಕಳ ಕಲಿಕೆ ಶಿಕ್ಷಣ ದೇಶಕ್ಕೆ ಸಂಪತ್ತು. ಮಕ್ಕಳು ಶಾಲೆಯಲ್ಲಿ ಉಳಿಯುವಂತೆ ನೋಡಿಕೊಂಡು ಮಕ್ಕಳ ಹಕ್ಕುಗಳನ್ನು ರಕ್ಷಿಸಬೇಕು ಎಂದು ಹೇಳಿದರು. ಒಂದು ವೇಳೆ ಶಾಲೆಯಿಂದ ಮಕ್ಕಳು ಹೊರಗುಳಿದಲ್ಲಿ, ಆ ಮಕ್ಕಳನ್ನು ಶಾಲೆಗೆ ಕರೆತರಲು ಪಾಲಕರಿಗೆ ಅಧಿಕಾರಿಗಳು ತಿಳಿ ಹೇಳಬೇಕು. ಪ್ರತಿ ವಾರ ಶಾಲೆಯಿಂದ ದೂರ ಉಳಿದ ಮಕ್ಕಳ ಪಟ್ಟಿ ತಯಾರಿಸಿ, ಅವರನ್ನು ಮರಳಿ ಶಾಲೆಗೆ ಕರೆತರುವ ಕಾರ್ಯಕ್ಕೆ ಮುಂದಾಗಬೇಕು. ಮಕ್ಕಳ ಹಕ್ಕುಗಳ ಕುರಿತು ಜಾಗೃತಿ ಮೂಡಿಸುವುದು ಅವಶ್ಯಕವಾಗಿದೆ. ಮಕ್ಕಳ ಹಕ್ಕುಗಳ ಒಡಂಬಡಿಕೆಗೆ 1989ರಲ್ಲಿ 189 ರಾಷ್ಟ್ರಗಳು ಸಹಿ ಮಾಡಿದ್ದು, ಭಾರತ 1992ರಲ್ಲಿ ಸಹಿ ಮಾಡಿದೆ ಎಂದರು.

ರಕ್ಷಣೆಗೆ ಬದ್ಧರಾಗಿದ್ದೇವೆಂದು ಸಹಿ ಮಾಡಿದ್ದು ಮಕ್ಕಳಿಗೆ ಅನೇಕ ಕಾಯ್ದೆಗಳು ಜಾರಿಗೆ ಬಂದಿದ್ದು, ಅದರಲ್ಲಿ ಬಾಲ್ಯವಿವಾಹ ನಿಷೇಧ, ಬಾಲ್ಯ ಕಾರ್ಮಿಕ ನಿಷೇಧ ಹಾಗೂ ಮಕ್ಕಳ ಹಕ್ಕುಗಳ ಸಂರಕ್ಷಣಾ ಕಾಯ್ದೆ-2012, ಆರ್.ಟಿ.ಇ ಕಾಯ್ದೆ-2009 ಕಾಯ್ದೆಗಳು ಜಾರಿಯಲ್ಲಿವೆ ಎಂದರು. ಜಿಲ್ಲಾ ಮಕ್ಕಳ ರಕ್ಷಣಾಧಿಕಾರಿ ಶ್ರೀಮತಿ ಜಯಶ್ರೀ ಪಾಟೀಲ ಮಾತನಾಡಿ, ಜಿಲ್ಲೆಯಲ್ಲಿ ಪೋಕ್ಸೋ, ಬಾಲ್ಯವಿವಾಹ ಪ್ರಕರಣಗಳು ಹೆಚ್ಚಾಗುತ್ತಿದ್ದು, ನಾವೆಲ್ಲರೂ ಜಾಗೃತರಾಗಿ ಪ್ರಕರಣಗಳನ್ನು ತಡೆಗಟ್ಟಬೇಕು. ಬಾಲ್ಯವಿವಾಹ ನಿಷೇಧ ಕಾಯ್ದೆಯಡಿ ಮಕ್ಕಳ ಸಹಾಯವಾಣಿ 1098ಕ್ಕೆ ಕರೆ ಬರುತ್ತವೆ. ಇದರಿಂದ ಬಾಲ್ಯವಿವಾಹವನ್ನು ತಡೆಗಟ್ಟಲಾಗುತ್ತಿದೆ. ಮಕ್ಕಳ ಸಹಾಯವಾಣಿ 1098ಕ್ಕೆ ಕರೆ ಮಾಡಿ ತಿಳಿಸಬೇಕು ಎಂದರು. ಅನಾಥ ಮತ್ತು ವಿಶೇಷ ಮಕ್ಕಳ ರಕ್ಷಣೆಗಾಗಿ ಮಕ್ಕಳ ರಕ್ಷಣಾ ಆಗ್ಯತೆಯನ್ನು ಹೆಚ್ಚಿಸಬೇಕು. ಅಂತಹ ಮಕ್ಕಳ ರಕ್ಷಣೆಗೆ ಸಂಬಂಧಿಸಿದಂತೆ ಶಾಲೆಗಳಲ್ಲಿ ಮಾಹಿತಿ ನೀಡಬೇಕು. ಮಕ್ಕಳ ಸಹಾಯವಾಣಿ 1098ಕ್ಕೆ ಕರೆ ಮಾಡಬೇಕು ಎಂದು ಹೇಳಿದರು.

ಎಂದು ಹೇಳಿದರು. ಅಧ್ಯಕ್ಷತೆ ವಹಿಸಿದ್ದ ತಹಶೀಲ್ದಾರ ಶರಣಮ್ಮ ಮಾತನಾಡಿ, ಶಾಲೆಯ ಆಡಳಿತವಿದ್ದಲ್ಲಿ ಮಕ್ಕಳಿಗೆ ತೊಂದರೆಯಾದಲ್ಲಿ, ಗೆಳೆತನದಲ್ಲಿ ಮಕ್ಕಳಿಗೆ ತೊಂದರೆಯಾದಲ್ಲಿ, ಮಕ್ಕಳ ಸಹಾಯವಾಣಿ-1098ಕ್ಕೆ ಕರೆಮಾಡಿ ತಿಳಿಸಬೇಕು. ಮಕ್ಕಳಲ್ಲಿ ಸಹಾಯಕ ಮತ್ತು ರಕ್ಷಣೆ ಸ್ವಭಾವಗಳನ್ನು ಬೆಳೆಸಬೇಕು. ಮಕ್ಕಳ ಹಕ್ಕುಗಳನ್ನು ಉಲ್ಲಂಘಿಸಿದಲ್ಲಿ ಕಠಿಣ ಕ್ರಮ ತೆಗೆದುಕೊಳ್ಳಲಾಗುತ್ತದೆ ಎಂದರು. ಮಕ್ಕಳನ್ನು ಶಾಲೆಗೆ ಸೇರಿಸುವ ಹಾಗೂ ಉಳಿಸುವ ಜವಾಬ್ದಾರಿ ಎಲ್ಲರದ್ದಾಗಿದೆ. ಅವಕಾಶ ಸ್ವೀಕಾರ: ಆರ್.ಟಿ.ಇ ಕಾಯ್ದೆ-2009ರ ಕುರಿತು ಮಕ್ಕಳಿಂದ ಅವಹಾಲು ಸ್ವೀಕಾರ ಸ್ವೀಕರಿಸಲಾಯಿತು. 1 ರಿಂದ 10ನೇ ತರಗತಿವರೆಗಿನ ಮಕ್ಕಳಿಂದ ಮಾಹಿತಿ ಪಡೆಯಲಾಯಿತು. ಡಿವೈಎಸ್ಪಿ, ಜಿಲ್ಲಾ ಮಕ್ಕಳ ರಕ್ಷಣಾ ಘಟಕದ ಅಧಿಕಾರಿಗಳು, ಶಿಕ್ಷಣ ಇಲಾಖೆಯ ಅಧಿಕಾರಿಗಳು, ಶಾಲೆಯ ಮುಖ್ಯ ಶಿಕ್ಷಕರು, ಶಿಕ್ಷಕರು ಹಾಗೂ ವಿದ್ಯಾರ್ಥಿಗಳು ಉಪಸ್ಥಿತರಿದ್ದರು. ಶಿಕ್ಷಕರ ಹಾಗೂ ಆರ್.ಟಿ.ಇ ಕಾರ್ಯಕರ್ತರು ಸಹಕರಿಸಿದರು.

ಕಡ್ಡಾಯ, ಶಾಲೆಯಿಂದ ಹೊರಗುಳಿದ ಮಕ್ಕಳ ಕುರಿತು ಮತ್ತು ಪೋಕ್ಸೋ ಕಾಯ್ದೆ ಕುರಿತು ಮಕ್ಕಳ ಸಹಾಯವಾಣಿ ಮತ್ತು ಆರ್.ಟಿ.ಇ ಕಾಯ್ದೆ ಕುರಿತು ಉಪನ್ಯಾಸ ನೀಡಲಾಯಿತು. ಅವಹಾಲು ಸ್ವೀಕಾರ: ಆರ್.ಟಿ.ಇ ಕಾಯ್ದೆ-2009ರ ಕುರಿತು ಮಕ್ಕಳಿಂದ ಅವಹಾಲು ಸ್ವೀಕಾರ ಸ್ವೀಕರಿಸಲಾಯಿತು. 1 ರಿಂದ 10ನೇ ತರಗತಿವರೆಗೆ ಉಚಿತ ಮತ್ತು ಕಡ್ಡಾಯ ಶಿಕ್ಷಣ ನೀಡಲಾಗುತ್ತಿದ್ದು, ಶಾಲೆಯಲ್ಲಿ ಮೂಲಭೂತ ಸೌಲಭ್ಯಗಳು ಒದಗಿಸಬೇಕು. ಶಾಲಾ ಮಕ್ಕಳ ಆರೋಗ್ಯ ಮತ್ತು ಶಿಕ್ಷಣದ ಕುರಿತು ಗಮನಹರಿಸಬೇಕು ಎಂದರು. ಜಿಲ್ಲಾ ಮಕ್ಕಳ ರಕ್ಷಣಾ ಘಟಕದ ಅಧಿಕಾರಿಗಳು ಹಾಗೂ ಶಿಕ್ಷಣ ಇಲಾಖೆಯ ಸಿಬ್ಬಂದಿ, ಪೊಲೀಸ್ ಇಲಾಖೆಯ ಸಿಬ್ಬಂದಿ ಉಪಸ್ಥಿತರಿದ್ದರು. ಕೆಎಲ್ಇ ಅಂಗ್ಲಮಾಧ್ಯಮ ಶಾಲೆ ಪ್ರಾಚಾರ್ಯರು ಕಾರ್ಯಕ್ರಮ ನಿರೂಪಿಸಿದರು. ಶಿಕ್ಷಕಿ ವಂದಿಸಿದರು.

ಕರ್ನಾಟಕ ಸರ್ಕಾರ
ಜಿಲ್ಲಾ ಆರೋಗ್ಯ ಮತ್ತು ಕುಟುಂಬ ಕಲ್ಯಾಣ ಕಛೇರಿ
ಅಂಧತ್ವ ನಿವಾರಣಾ ವಿಭಾಗ, ಜಿಲ್ಲಾಡಳಿತ ಭವನ, ಹಾವೇರಿ-581110
Ph : 08375-249294 Fax : 08375-249009
Email : dhohaveri@gmail.com
ಸಂ.ಜಿಆಕುಕಅ(ಹಾ)/ಅನಿ/ಟೆಂಡರ್/ಸಿಸಿ/2025-26 ದಿನಾಂಕ : 23-01-2026
ಟೆಂಡರ್ ಪ್ರಕಟಣೆ
ವಿಷಯ: ಜಿಲ್ಲಾ ಆರೋಗ್ಯ ಮತ್ತು ಕುಟುಂಬ ಕಲ್ಯಾಣ ಅಧಿಕಾರಿಗಳು, ಹಾವೇರಿ ಜಿಲ್ಲೆ ಇವರ ಅಧೀನದಲ್ಲಿ ಬರುವ ಅಂಧತ್ವ ನಿಯಂತ್ರಣ ಕಾರ್ಯಕ್ರಮದಡಿ 2025-26ನೇ ಸಾಲಿನ ದೃಷ್ಟಿ ಪರೀಕ್ಷಾ ಕೇಂದ್ರಕ್ಕೆ (Vision Center) ಸರಬರಾಜು ಮಾಡಲು ಉಪಕರಣಗಳನ್ನು ಖರೀದಿಸಲು ದರಪಟ್ಟಿ ಆಹ್ವಾನಿಸುವ ಕುರಿತು
ಕರ್ನಾಟಕ ಸಾರ್ವಜನಿಕ ಸಂಗ್ರಹಣೆಗಳ ಪಾರದರ್ಶಕ ಅಧಿನಿಯಮ-99/2000 ಮತ್ತು ಸರ್ಕಾರದಿಂದ ಕಾಲಕಾಲಕ್ಕೆ ಹೊರಡಿಸುವ ಅದೇಶಗಳನ್ವಯ ನೊಂದಾಯಿತ ಅರ್ಹ ಸಂಸ್ಥೆಗಳಿಂದ/ಪ್ರತಿಷ್ಠಿತ ಮೂಲ ತಯಾರಕರು/ಅಧಿಕೃತ ವಿತರಕರು/ಮಾರಾಟಗಾರರು ಜಿಲ್ಲಾ ಆರೋಗ್ಯ ಮತ್ತು ಕುಟುಂಬ ಕಲ್ಯಾಣ ಕಛೇರಿ, ಹಾವೇರಿ 2025-26ನೇ ಸಾಲಿನ ಜಿಲ್ಲಾ ವ್ಯಾಪ್ತಿಯಲ್ಲಿ ಸ್ವಾಮ್ಯದಿಂದ ಅಂಧತ್ವ ನಿಯಂತ್ರಣ ಕಾರ್ಯಕ್ರಮದಡಿ ದೃಷ್ಟಿ ಪರೀಕ್ಷಾ ಕೇಂದ್ರಕ್ಕೆ ಸರಬರಾಜು (Vision Center) ಮಾಡುವ ಬಗ್ಗೆ ಉಪಕರಣಗಳನ್ನು ಸರಬರಾಜು ಮಾಡಲು ಅಲ್ಪಾವಧಿ ಮಾನ್ಯತೆಯ ಟೆಂಡರ್ ಆಹ್ವಾನಿಸಲಾಗಿದೆ.
ಉಪಕರಣ/ಸಲಕರಣೆ ವಿವರಗಳು (As per Technical specification): As per Schedule A , ಟೆಂಡರ್ ಮೌಲ್ಯ ಅಂದಾಜು ರೂ. 2.00 ಲಕ್ಷ, ಇ.ಎಂ.ಡಿ ಮೊತ್ತ : ಶೇಕಡ 2.5% ರಷ್ಟು (ರೂ. 5000/-)
ಟೆಂಡರ್ ಪ್ರಕಟಣೆ ಮಾಡಿದ ದಿನಾಂಕ : 23/01/2026, ಬಿಡ್ ಸಲ್ಲಿಸಲು ಕೊನೆಯ ದಿನಾಂಕ : 06-02-2026 ಮಧ್ಯಾಹ್ನ 1:00 ಘಂಟೆ ಒಳಗೆ, ತಾಂತ್ರಿಕ ಬಿಡ್ ತೆರೆಯುವ ದಿನಾಂಕ : 06-02-2026 ಮಧ್ಯಾಹ್ನ 4.00 ಘಂಟೆಗೆ
ಸಹಿ/- ಜಿಲ್ಲಾ ಆರೋಗ್ಯ ಮತ್ತು ಕುಟುಂಬ ಕಲ್ಯಾಣ ಅಧಿಕಾರಿಗಳು, ಹಾವೇರಿ
ವಾಪಾಸಂ/ಹಾವೇರಿ/ಜಿಲಾ/ಜಾಹೀರಾತು/654/2025-26
ಕರ್ನಾಟಕ ಸರ್ಕಾರ
ಗ್ರಾಮ ಪಂಚಾಯತ ಕಾರ್ಯಾಲಯ, ಸಾಂದಸಗಿ
ಜಿಲ್ಲಾ ಪಂಚಾಯತ ಹಾವೇರಿ, ತಾಲೂಕ ಪಂಚಾಯತ ಹಾನಗಲ್ಲು
ಸಂಖ್ಯೆ: ಗ್ರಾಪಂಸಾ.ಸಂ/ಸರಬರಾಜು/MGNREGA/KPPP/01/2025-26 ದಿನಾಂಕ : 22-01-2026
ಟೆಂಡರ್ ಪ್ರಕಟಣೆ
ವಿಷಯ: ಸಾಂದಸಗಿ ಗ್ರಾಮ ಪಂಚಾಯತ ವ್ಯಾಪ್ತಿಯ ಸಾಂದಸಗಿ ಗ್ರಾಮದ MGNREGA ಯೋಜನೆಯಡಿ ಕೈಗೊಳ್ಳುವ ಕಾಮಗಾರಿಗಳಿಗೆ ಅಗತ್ಯ ಸಾಮಗ್ರಿಗಳನ್ನು ಸರಬರಾಜು ಮಾಡಲು ಸರಬರಾಜುದಾರರಿಂದ ಟೆಂಡರ್ ಆಹ್ವಾನಿಸುವ ಕುರಿತು
ಉಲ್ಲೇಖ:1. ಸರ್ಕಾರದ ಆದೇಶ ಸಂಖ್ಯೆ: RDC-EGS/988/2022 C.No.970872 ದಿ: 17/10/2023 2. ಸರ್ಕಾರದ ಸುತ್ತೋಲೆ ಸಂಖ್ಯೆ ಗ್ರಾಅಪ. ಹೊಪ 178/ಗ್ರಾಪಂಅ/ಸಾ.ಕ/2023 ಬೆಂಗಳೂರು ದಿ:29/03/2023
2025-26ನೇ ಸಾಲಿನ MGNREGA ಯೋಜನೆಯ ಅನುಮೋದಿತ ಕ್ರಿಯಾ ಯೋಜನೆಯಲ್ಲಿ (ಅನುಷ್ಠಾನ ವರ್ಷ: 2025-26) ಸಾಂದಸಗಿ ಗ್ರಾಮ ಪಂಚಾಯತ ವ್ಯಾಪ್ತಿಯ ಸಾಂದಸಗಿ ಗ್ರಾಮದ ಕೈಗೊಳ್ಳುವ ಕಾಮಗಾರಿಗಳಿಗೆ ಸರಬರಾಜು ಮಾಡಲು MGNREGA MIS Software ನಲ್ಲಿ ನೊಂದಾಯಿತ ಸರಬರಾಜುದಾರರು ದ್ವಿ-ಲಕೋಟೆ ಪದ್ಧತಿಯಲ್ಲಿ ಮೊಹರು ಮಾಡಿದ ಲಕೋಟೆ ಮೂಲಕ ಅರ್ಜಿ ಟೆಂಡರ್ ಆಹ್ವಾನಿಸಲಾಗಿದೆ. ಈ ಬಗ್ಗೆ ಸಂಕ್ಷಿಪ್ತ ವಿವರ ಈ ಕೆಳಗಿನಂತಿದೆ.
(1) ಟೆಂಡರ್ ಪ್ರಕಟಣೆ ದಿನಾಂಕ : 22-01-2026 ಬೆಳಗ್ಗೆ 11.00 ಗಂಟೆ (2) ಟೆಂಡರ್ ಸಲ್ಲಿಸಲು ಕೊನೆಯ ದಿನಾಂಕ ಮತ್ತು ಸಮಯ : 07-02-2026 ಬೆಳಿಗ್ಗೆ 11.00 ಗಂಟೆ (3) ತಾಂತ್ರಿಕ ಬಿಡ್ ತೆರೆಯುವ ದಿನಾಂಕ ಮತ್ತು ಸಮಯ : 09-02-2026 ಬೆಳಿಗ್ಗೆ 11.00 ಗಂಟೆ (4) ಆರ್ಥಿಕ ಬಿಡ್ ತೆರೆಯುವ ದಿನಾಂಕ ಮತ್ತು ಸಮಯ : 10-02-2026 ಬೆಳಿಗ್ಗೆ 11.00 ಗಂಟೆ
ಕಾಮಗಾರಿ ಹೆಸರು: ಸಾಂದಸಗಿ ಗ್ರಾಮದಲ್ಲಿ ಎನ್.ಆರ್.ಎಲ್.ಎಮ್. ಶೆಡ್ ನಿರ್ಮಾಣ. ಮೊತ್ತ ರೂ. 6,56,305.29, EMD ಮೊತ್ತ ರೂ. 16,400/-
(1) ಹೆಚ್ಚಿನ ವಿವರಗಳಿಗಾಗಿ ಗ್ರಾಮ ಪಂಚಾಯತ ಕಾರ್ಯಾಲಯ ಸಾಂದಸಗಿ ಕಛೇರಿ ವೇಳೆಯಲ್ಲಿ ಸಂಪರ್ಕಿಸಬಹುದು (2) ಕಾರಣ ನೀಡದೆ ಟೆಂಡರ್ ತಿರಸ್ಕರಿಸುವ ಅಧಿಕಾರವನ್ನು ಕಾಯ್ದಿರಿಸಿದೆ.
ಸಹಿ/- ಗ್ರಾಮ ಪಂಚಾಯತ ಅಭಿವೃದ್ಧಿ ಅಧಿಕಾರಿಗಳು, ಗ್ರಾಮ ಪಂಚಾಯತ, ಸಾಂದಸಗಿ
ವಾಪಾಸಂ/ಹಾವೇರಿ/ಜಿಲಾ/ಜಾಹೀರಾತು/651/2025-26
